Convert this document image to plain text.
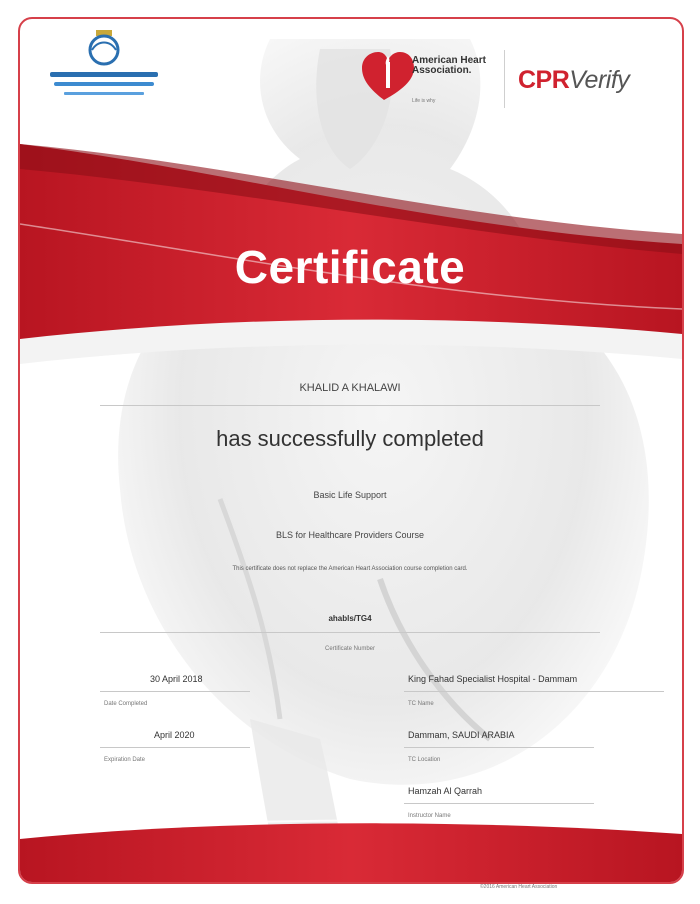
American Heart Association.
Life is why
CPRVerify
Certificate
KHALID A KHALAWI
has successfully completed
Basic Life Support
BLS for Healthcare Providers Course
This certificate does not replace the American Heart Association course completion card.
ahabls/TG4
Certificate Number
30 April 2018
Date Completed
April 2020
Expiration Date
King Fahad Specialist Hospital - Dammam
TC Name
Dammam, SAUDI ARABIA
TC Location
Hamzah Al Qarrah
Instructor Name
©2016 American Heart Association
